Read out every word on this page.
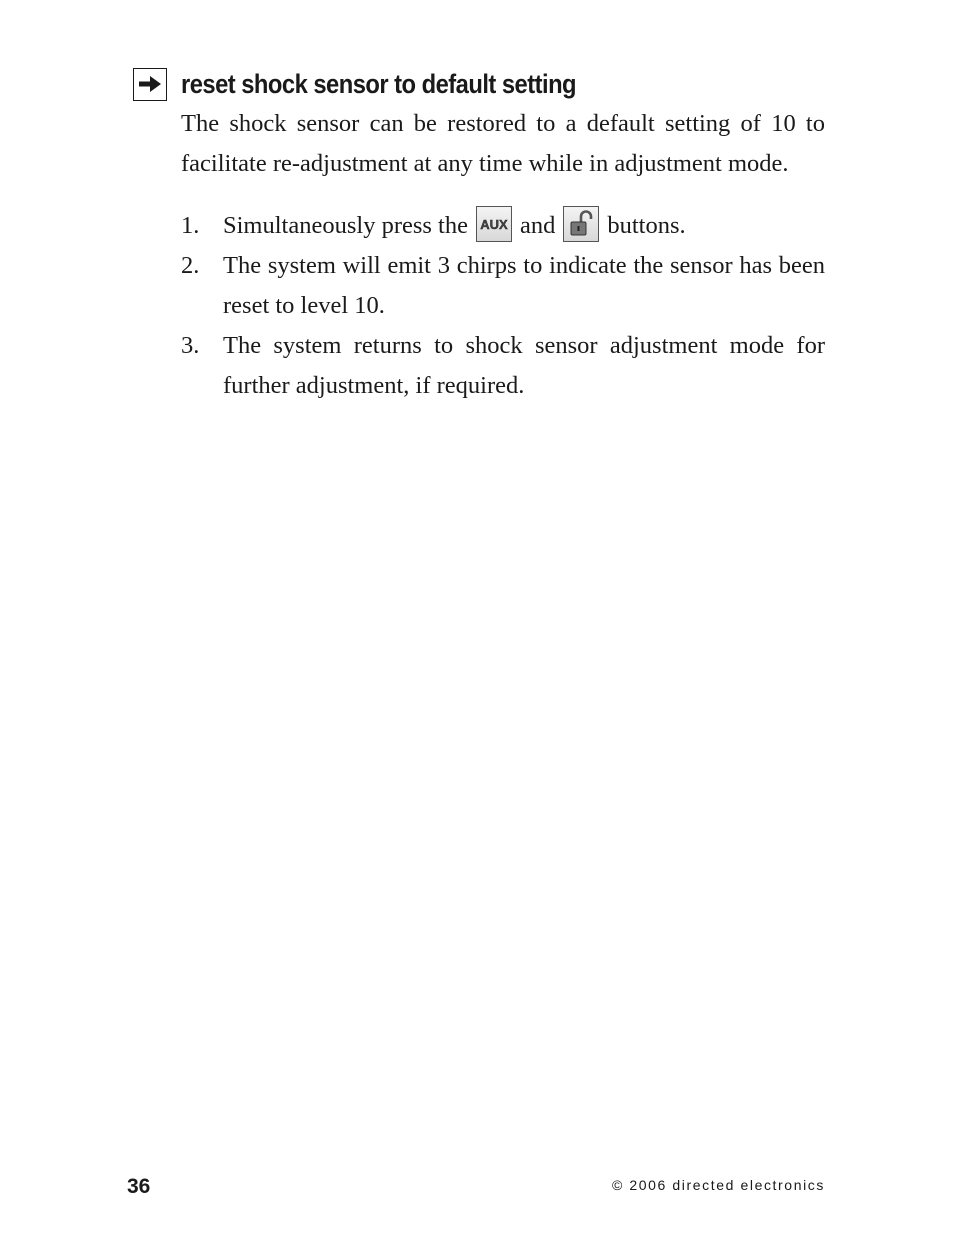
reset shock sensor to default setting

The shock sensor can be restored to a default setting of 10 to facilitate re-adjustment at any time while in adjustment mode.

1. Simultaneously press the AUX and buttons.
2. The system will emit 3 chirps to indicate the sensor has been reset to level 10.
3. The system returns to shock sensor adjustment mode for further adjustment, if required.

36	© 2006 directed electronics
